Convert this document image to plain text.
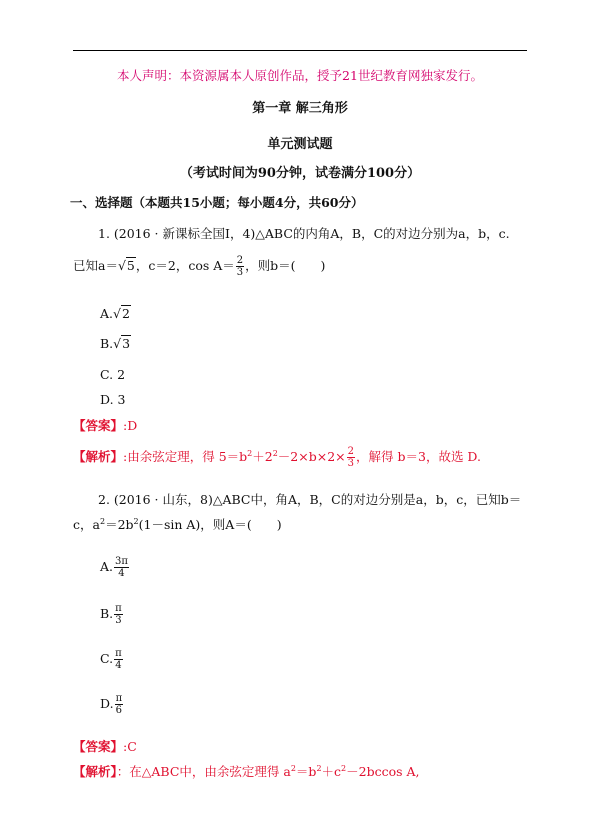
本人声明：本资源属本人原创作品，授予21世纪教育网独家发行。
第一章 解三角形
单元测试题
（考试时间为90分钟，试卷满分100分）
一、选择题（本题共15小题；每小题4分，共60分）
1. (2016 · 新课标全国Ⅰ，4)△ABC的内角A，B，C的对边分别为a，b，c.
已知a＝√5，c＝2，$\cos A= \frac{2}{3}$ ，则b＝(　　)
A.√2
B.√3
C. 2
D. 3
【答案】:D
【解析】:由余弦定理，得 $5=b^2+2^2-2\times b\times 2\times \frac{2}{3}$ ，解得 b＝3，故选 D.
2. (2016 · 山东，8)△ABC中，角A，B，C的对边分别是a，b，c，已知b＝
c，$a^2=2b^2(1-\sin$ A)，则A＝(　　)
A. $\frac{3\pi}{4}$
B. $\frac{\pi}{3}$
C. $\frac{\pi}{4}$
D. $\frac{\pi}{6}$
【答案】:C
【解析】：在△ABC中，由余弦定理得 $a^2=b^2+c^2-2bccos$ A,
